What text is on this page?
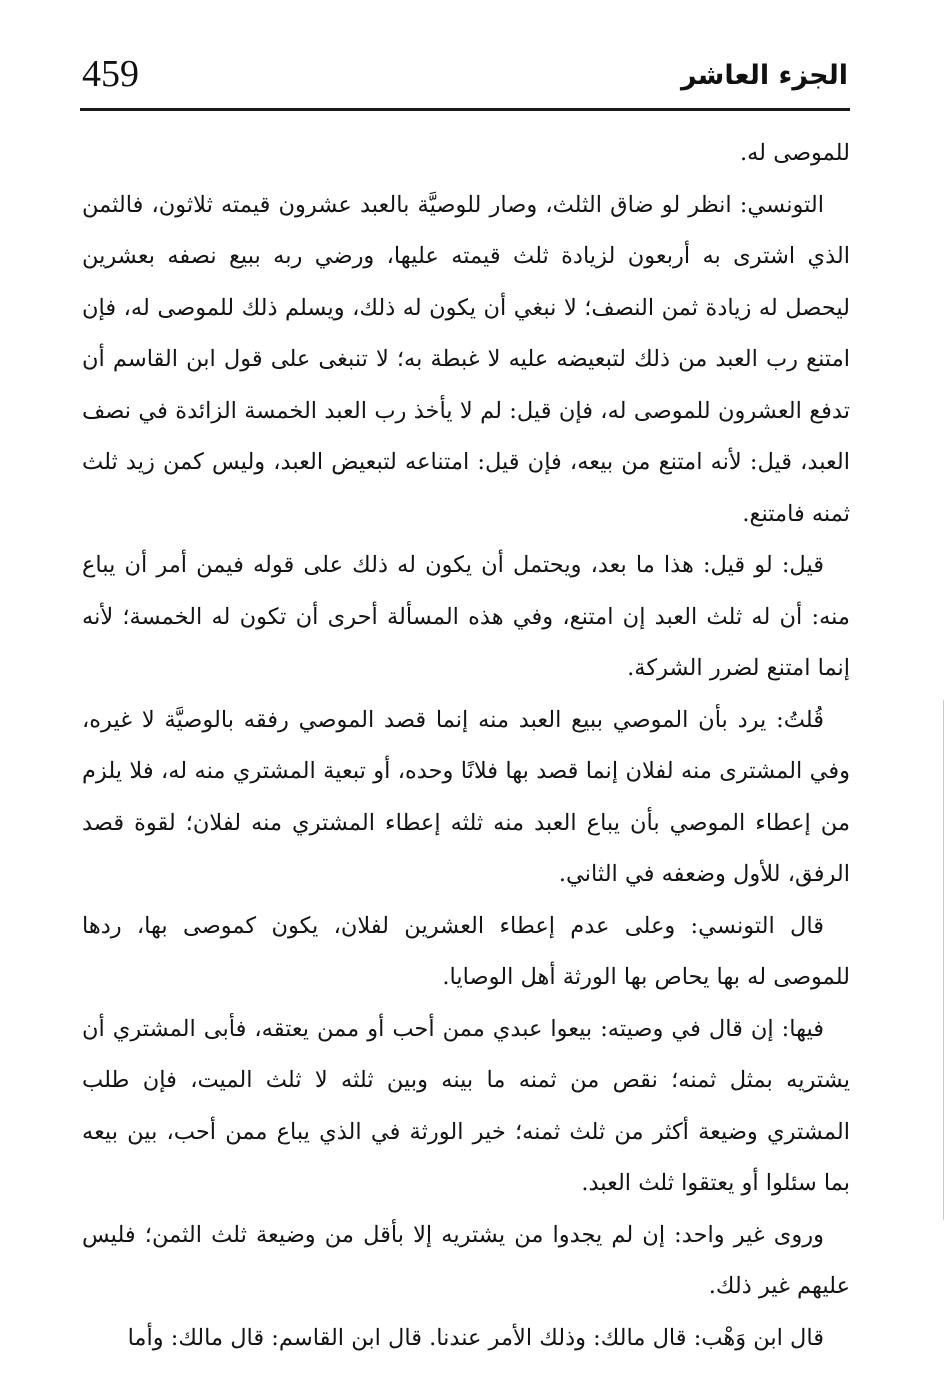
459	الجزء العاشر

للموصى له.

التونسي: انظر لو ضاق الثلث، وصار للوصيَّة بالعبد عشرون قيمته ثلاثون، فالثمن الذي اشترى به أربعون لزيادة ثلث قيمته عليها، ورضي ربه ببيع نصفه بعشرين ليحصل له زيادة ثمن النصف؛ لا نبغي أن يكون له ذلك، ويسلم ذلك للموصى له، فإن امتنع رب العبد من ذلك لتبعيضه عليه لا غبطة به؛ لا تنبغى على قول ابن القاسم أن تدفع العشرون للموصى له، فإن قيل: لم لا يأخذ رب العبد الخمسة الزائدة في نصف العبد، قيل: لأنه امتنع من بيعه، فإن قيل: امتناعه لتبعيض العبد، وليس كمن زيد ثلث ثمنه فامتنع.

قيل: لو قيل: هذا ما بعد، ويحتمل أن يكون له ذلك على قوله فيمن أمر أن يباع منه: أن له ثلث العبد إن امتنع، وفي هذه المسألة أحرى أن تكون له الخمسة؛ لأنه إنما امتنع لضرر الشركة.

قُلتُ: يرد بأن الموصي ببيع العبد منه إنما قصد الموصي رفقه بالوصيَّة لا غيره، وفي المشترى منه لفلان إنما قصد بها فلانًا وحده، أو تبعية المشتري منه له، فلا يلزم من إعطاء الموصي بأن يباع العبد منه ثلثه إعطاء المشتري منه لفلان؛ لقوة قصد الرفق، للأول وضعفه في الثاني.

قال التونسي: وعلى عدم إعطاء العشرين لفلان، يكون كموصى بها، ردها للموصى له بها يحاص بها الورثة أهل الوصايا.

فيها: إن قال في وصيته: بيعوا عبدي ممن أحب أو ممن يعتقه، فأبى المشتري أن يشتريه بمثل ثمنه؛ نقص من ثمنه ما بينه وبين ثلثه لا ثلث الميت، فإن طلب المشتري وضيعة أكثر من ثلث ثمنه؛ خير الورثة في الذي يباع ممن أحب، بين بيعه بما سئلوا أو يعتقوا ثلث العبد.

وروى غير واحد: إن لم يجدوا من يشتريه إلا بأقل من وضيعة ثلث الثمن؛ فليس عليهم غير ذلك.

قال ابن وَهْب: قال مالك: وذلك الأمر عندنا. قال ابن القاسم: قال مالك: وأما
